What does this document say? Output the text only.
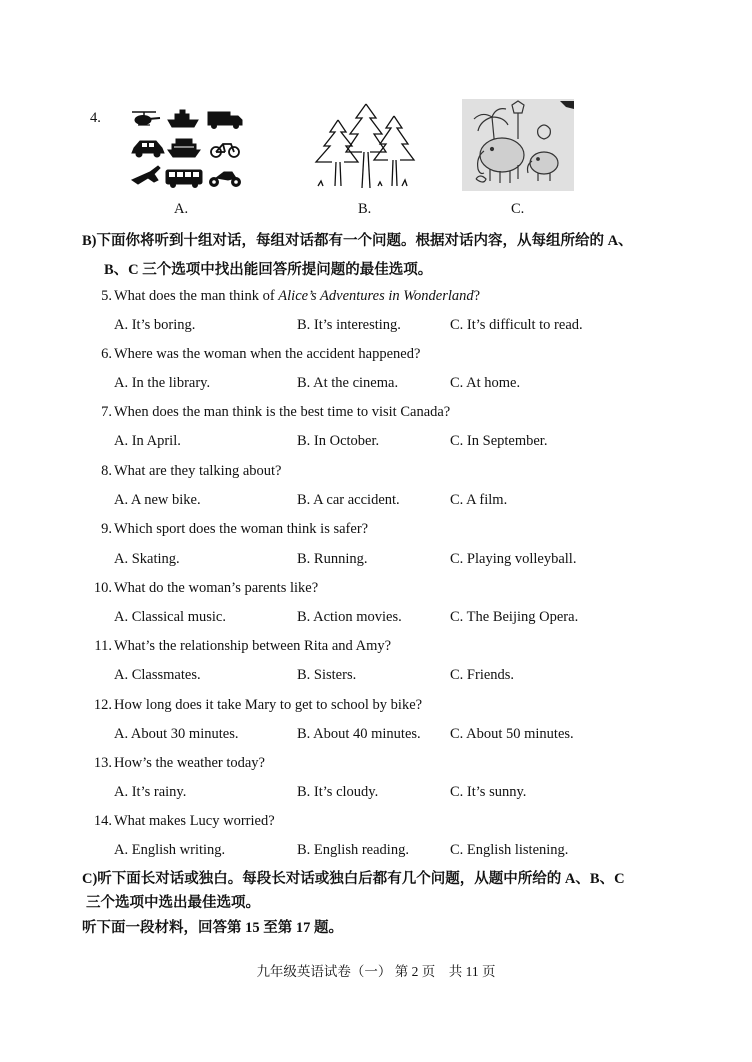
4.
A.	B.	C.
B)下面你将听到十组对话，每组对话都有一个问题。根据对话内容，从每组所给的 A、
B、C 三个选项中找出能回答所提问题的最佳选项。
5. What does the man think of Alice’s Adventures in Wonderland?
A. It’s boring.	B. It’s interesting.	C. It’s difficult to read.
6. Where was the woman when the accident happened?
A. In the library.	B. At the cinema.	C. At home.
7. When does the man think is the best time to visit Canada?
A. In April.	B. In October.	C. In September.
8. What are they talking about?
A. A new bike.	B. A car accident.	C. A film.
9. Which sport does the woman think is safer?
A. Skating.	B. Running.	C. Playing volleyball.
10. What do the woman’s parents like?
A. Classical music.	B. Action movies.	C. The Beijing Opera.
11. What’s the relationship between Rita and Amy?
A. Classmates.	B. Sisters.	C. Friends.
12. How long does it take Mary to get to school by bike?
A. About 30 minutes.	B. About 40 minutes. C. About 50 minutes.
13. How’s the weather today?
A. It’s rainy.	B. It’s cloudy.	C. It’s sunny.
14. What makes Lucy worried?
A. English writing.	B. English reading.	C. English listening.
C)听下面长对话或独白。每段长对话或独白后都有几个问题，从题中所给的 A、B、C
三个选项中选出最佳选项。
听下面一段材料，回答第 15 至第 17 题。
九年级英语试卷（一） 第 2 页　共 11 页
